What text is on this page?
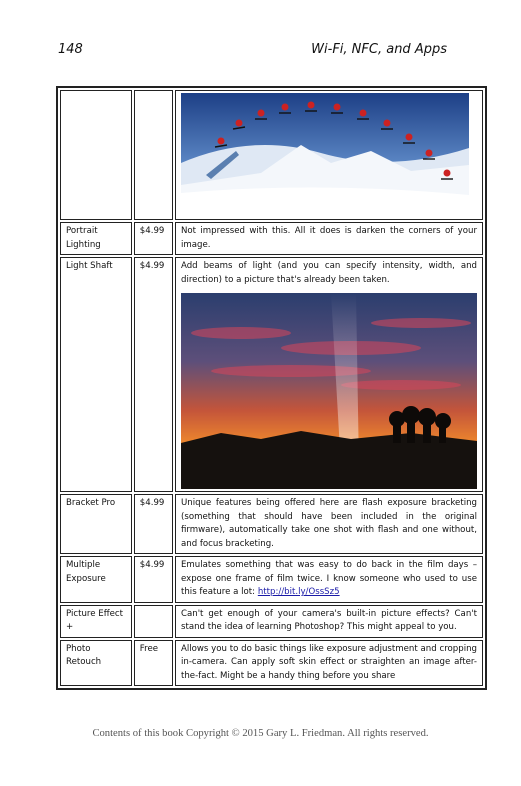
148	Wi-Fi, NFC, and Apps

Portrait Lighting	$4.99	Not impressed with this. All it does is darken the corners of your image.
Light Shaft	$4.99	Add beams of light (and you can specify intensity, width, and direction) to a picture that's already been taken.

Bracket Pro	$4.99	Unique features being offered here are flash exposure bracketing (something that should have been included in the original firmware), automatically take one shot with flash and one without, and focus bracketing.
Multiple Exposure	$4.99	Emulates something that was easy to do back in the film days – expose one frame of film twice. I know someone who used to use this feature a lot: http://bit.ly/OssSz5
Picture Effect +		Can't get enough of your camera's built-in picture effects? Can't stand the idea of learning Photoshop? This might appeal to you.
Photo Retouch	Free	Allows you to do basic things like exposure adjustment and cropping in-camera. Can apply soft skin effect or straighten an image after-the-fact. Might be a handy thing before you share
Contents of this book Copyright © 2015 Gary L. Friedman. All rights reserved.
